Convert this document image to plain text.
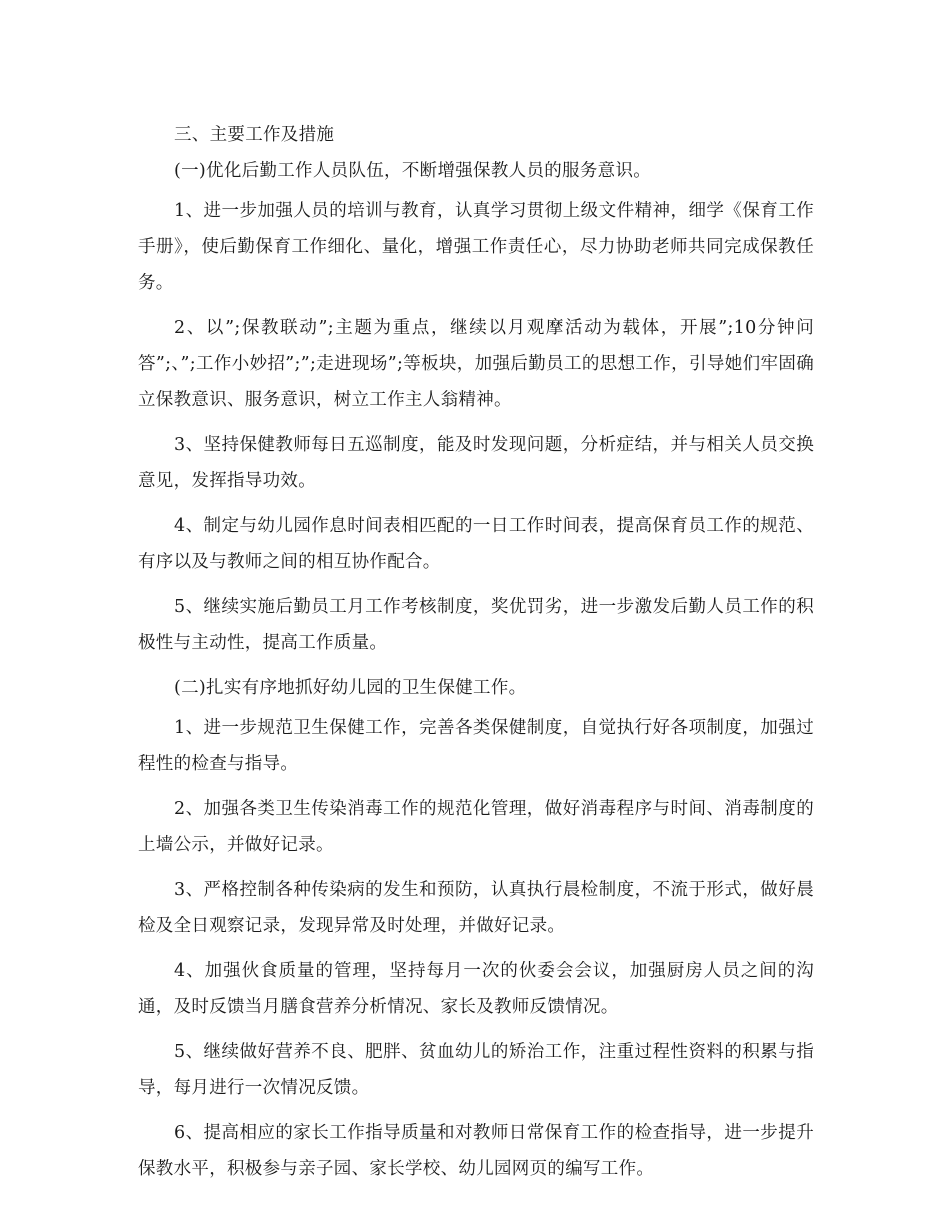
三、主要工作及措施

(一)优化后勤工作人员队伍，不断增强保教人员的服务意识。

1、进一步加强人员的培训与教育，认真学习贯彻上级文件精神，细学《保育工作手册》，使后勤保育工作细化、量化，增强工作责任心，尽力协助老师共同完成保教任务。

2、以”;保教联动”;主题为重点，继续以月观摩活动为载体，开展”;10分钟问答”;、”;工作小妙招”;”;走进现场”;等板块，加强后勤员工的思想工作，引导她们牢固确立保教意识、服务意识，树立工作主人翁精神。

3、坚持保健教师每日五巡制度，能及时发现问题，分析症结，并与相关人员交换意见，发挥指导功效。

4、制定与幼儿园作息时间表相匹配的一日工作时间表，提高保育员工作的规范、有序以及与教师之间的相互协作配合。

5、继续实施后勤员工月工作考核制度，奖优罚劣，进一步激发后勤人员工作的积极性与主动性，提高工作质量。

(二)扎实有序地抓好幼儿园的卫生保健工作。

1、进一步规范卫生保健工作，完善各类保健制度，自觉执行好各项制度，加强过程性的检查与指导。

2、加强各类卫生传染消毒工作的规范化管理，做好消毒程序与时间、消毒制度的上墙公示，并做好记录。

3、严格控制各种传染病的发生和预防，认真执行晨检制度，不流于形式，做好晨检及全日观察记录，发现异常及时处理，并做好记录。

4、加强伙食质量的管理，坚持每月一次的伙委会会议，加强厨房人员之间的沟通，及时反馈当月膳食营养分析情况、家长及教师反馈情况。

5、继续做好营养不良、肥胖、贫血幼儿的矫治工作，注重过程性资料的积累与指导，每月进行一次情况反馈。

6、提高相应的家长工作指导质量和对教师日常保育工作的检查指导，进一步提升保教水平，积极参与亲子园、家长学校、幼儿园网页的编写工作。
